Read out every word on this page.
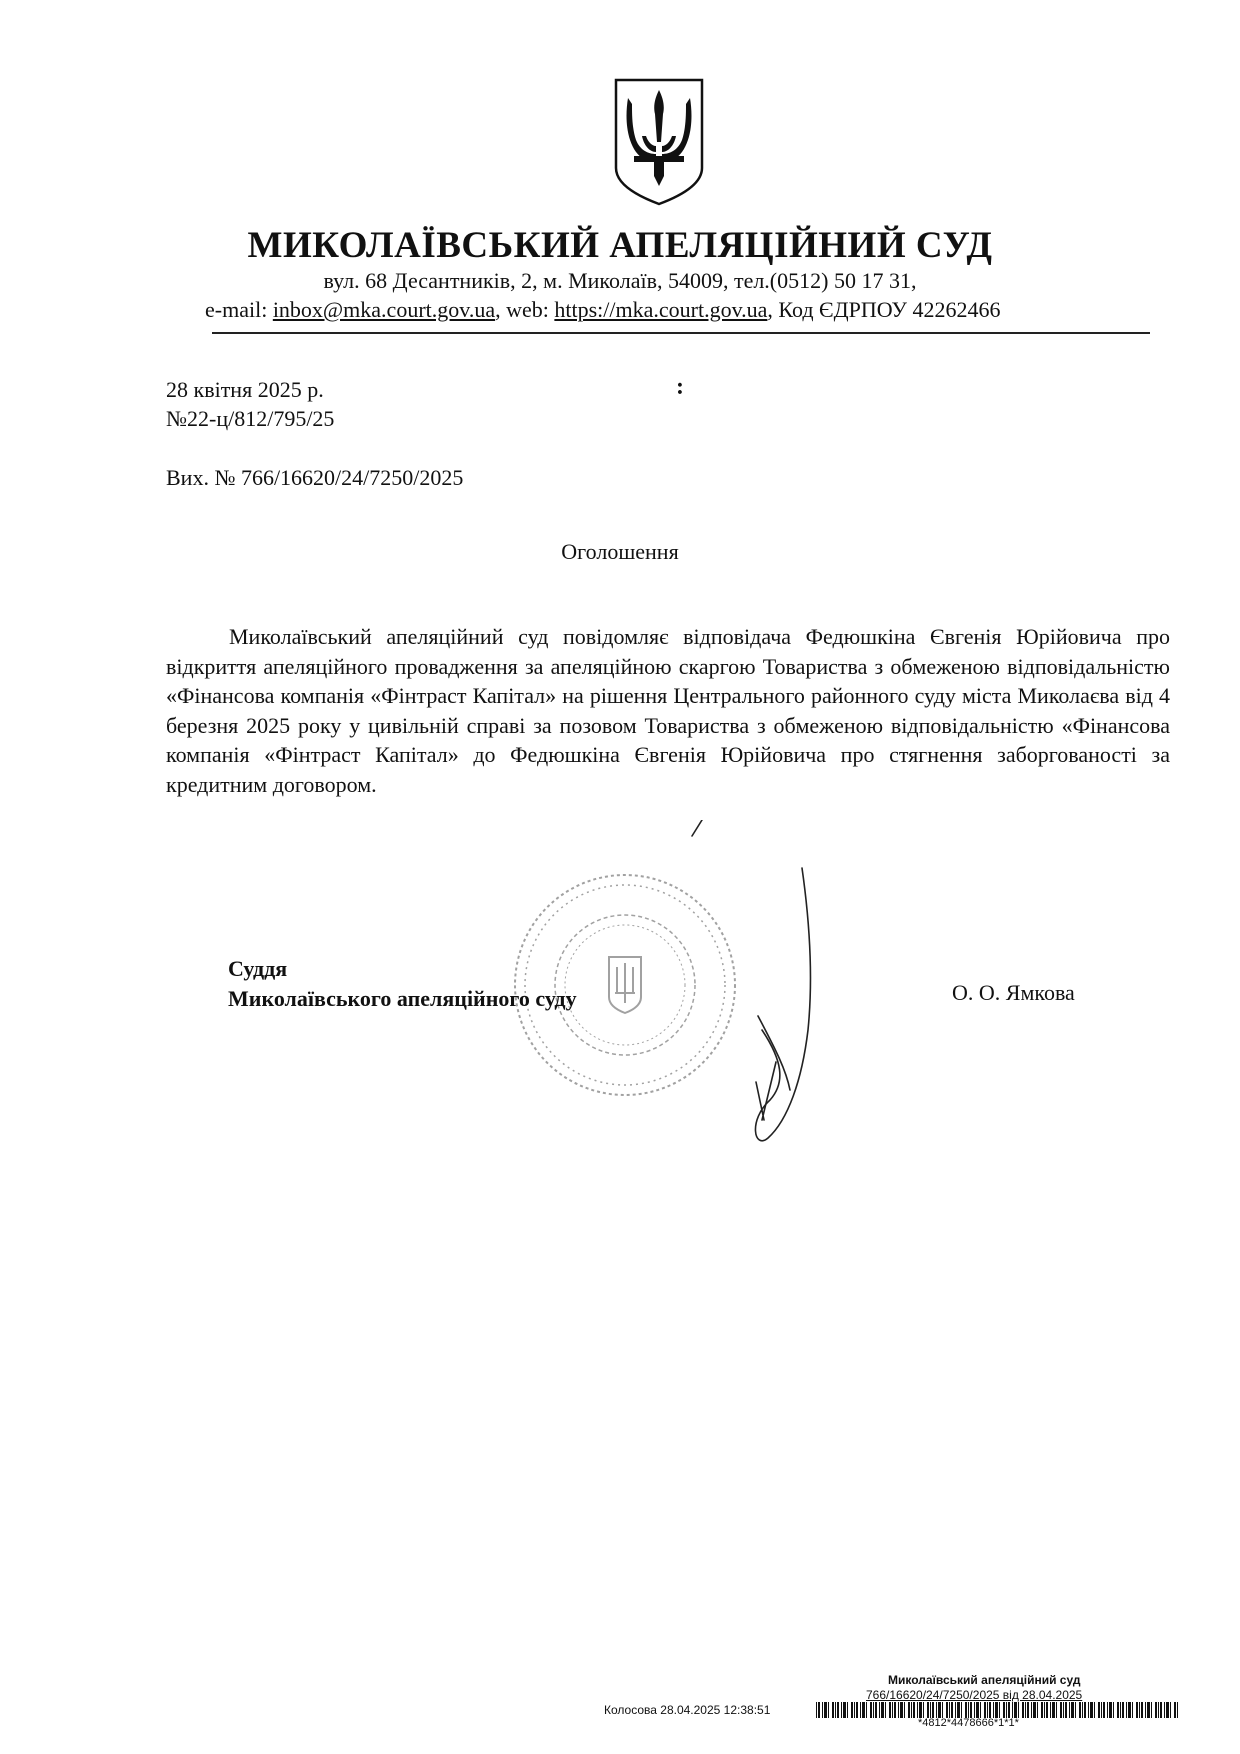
МИКОЛАЇВСЬКИЙ АПЕЛЯЦІЙНИЙ СУД
вул. 68 Десантників, 2, м. Миколаїв, 54009, тел.(0512) 50 17 31,
e-mail: inbox@mka.court.gov.ua, web: https://mka.court.gov.ua, Код ЄДРПОУ 42262466
28 квітня 2025 р.
№22-ц/812/795/25
:
Вих. № 766/16620/24/7250/2025
Оголошення
Миколаївський апеляційний суд повідомляє відповідача Федюшкіна Євгенія Юрійовича про відкриття апеляційного провадження за апеляційною скаргою Товариства з обмеженою відповідальністю «Фінансова компанія «Фінтраст Капітал» на рішення Центрального районного суду міста Миколаєва від 4 березня 2025 року у цивільній справі за позовом Товариства з обмеженою відповідальністю «Фінансова компанія «Фінтраст Капітал» до Федюшкіна Євгенія Юрійовича про стягнення заборгованості за кредитним договором.
Суддя
Миколаївського апеляційного суду	О. О. Ямкова
Миколаївський апеляційний суд
766/16620/24/7250/2025 від 28.04.2025
Колосова 28.04.2025 12:38:51
*4812*4478666*1*1*
